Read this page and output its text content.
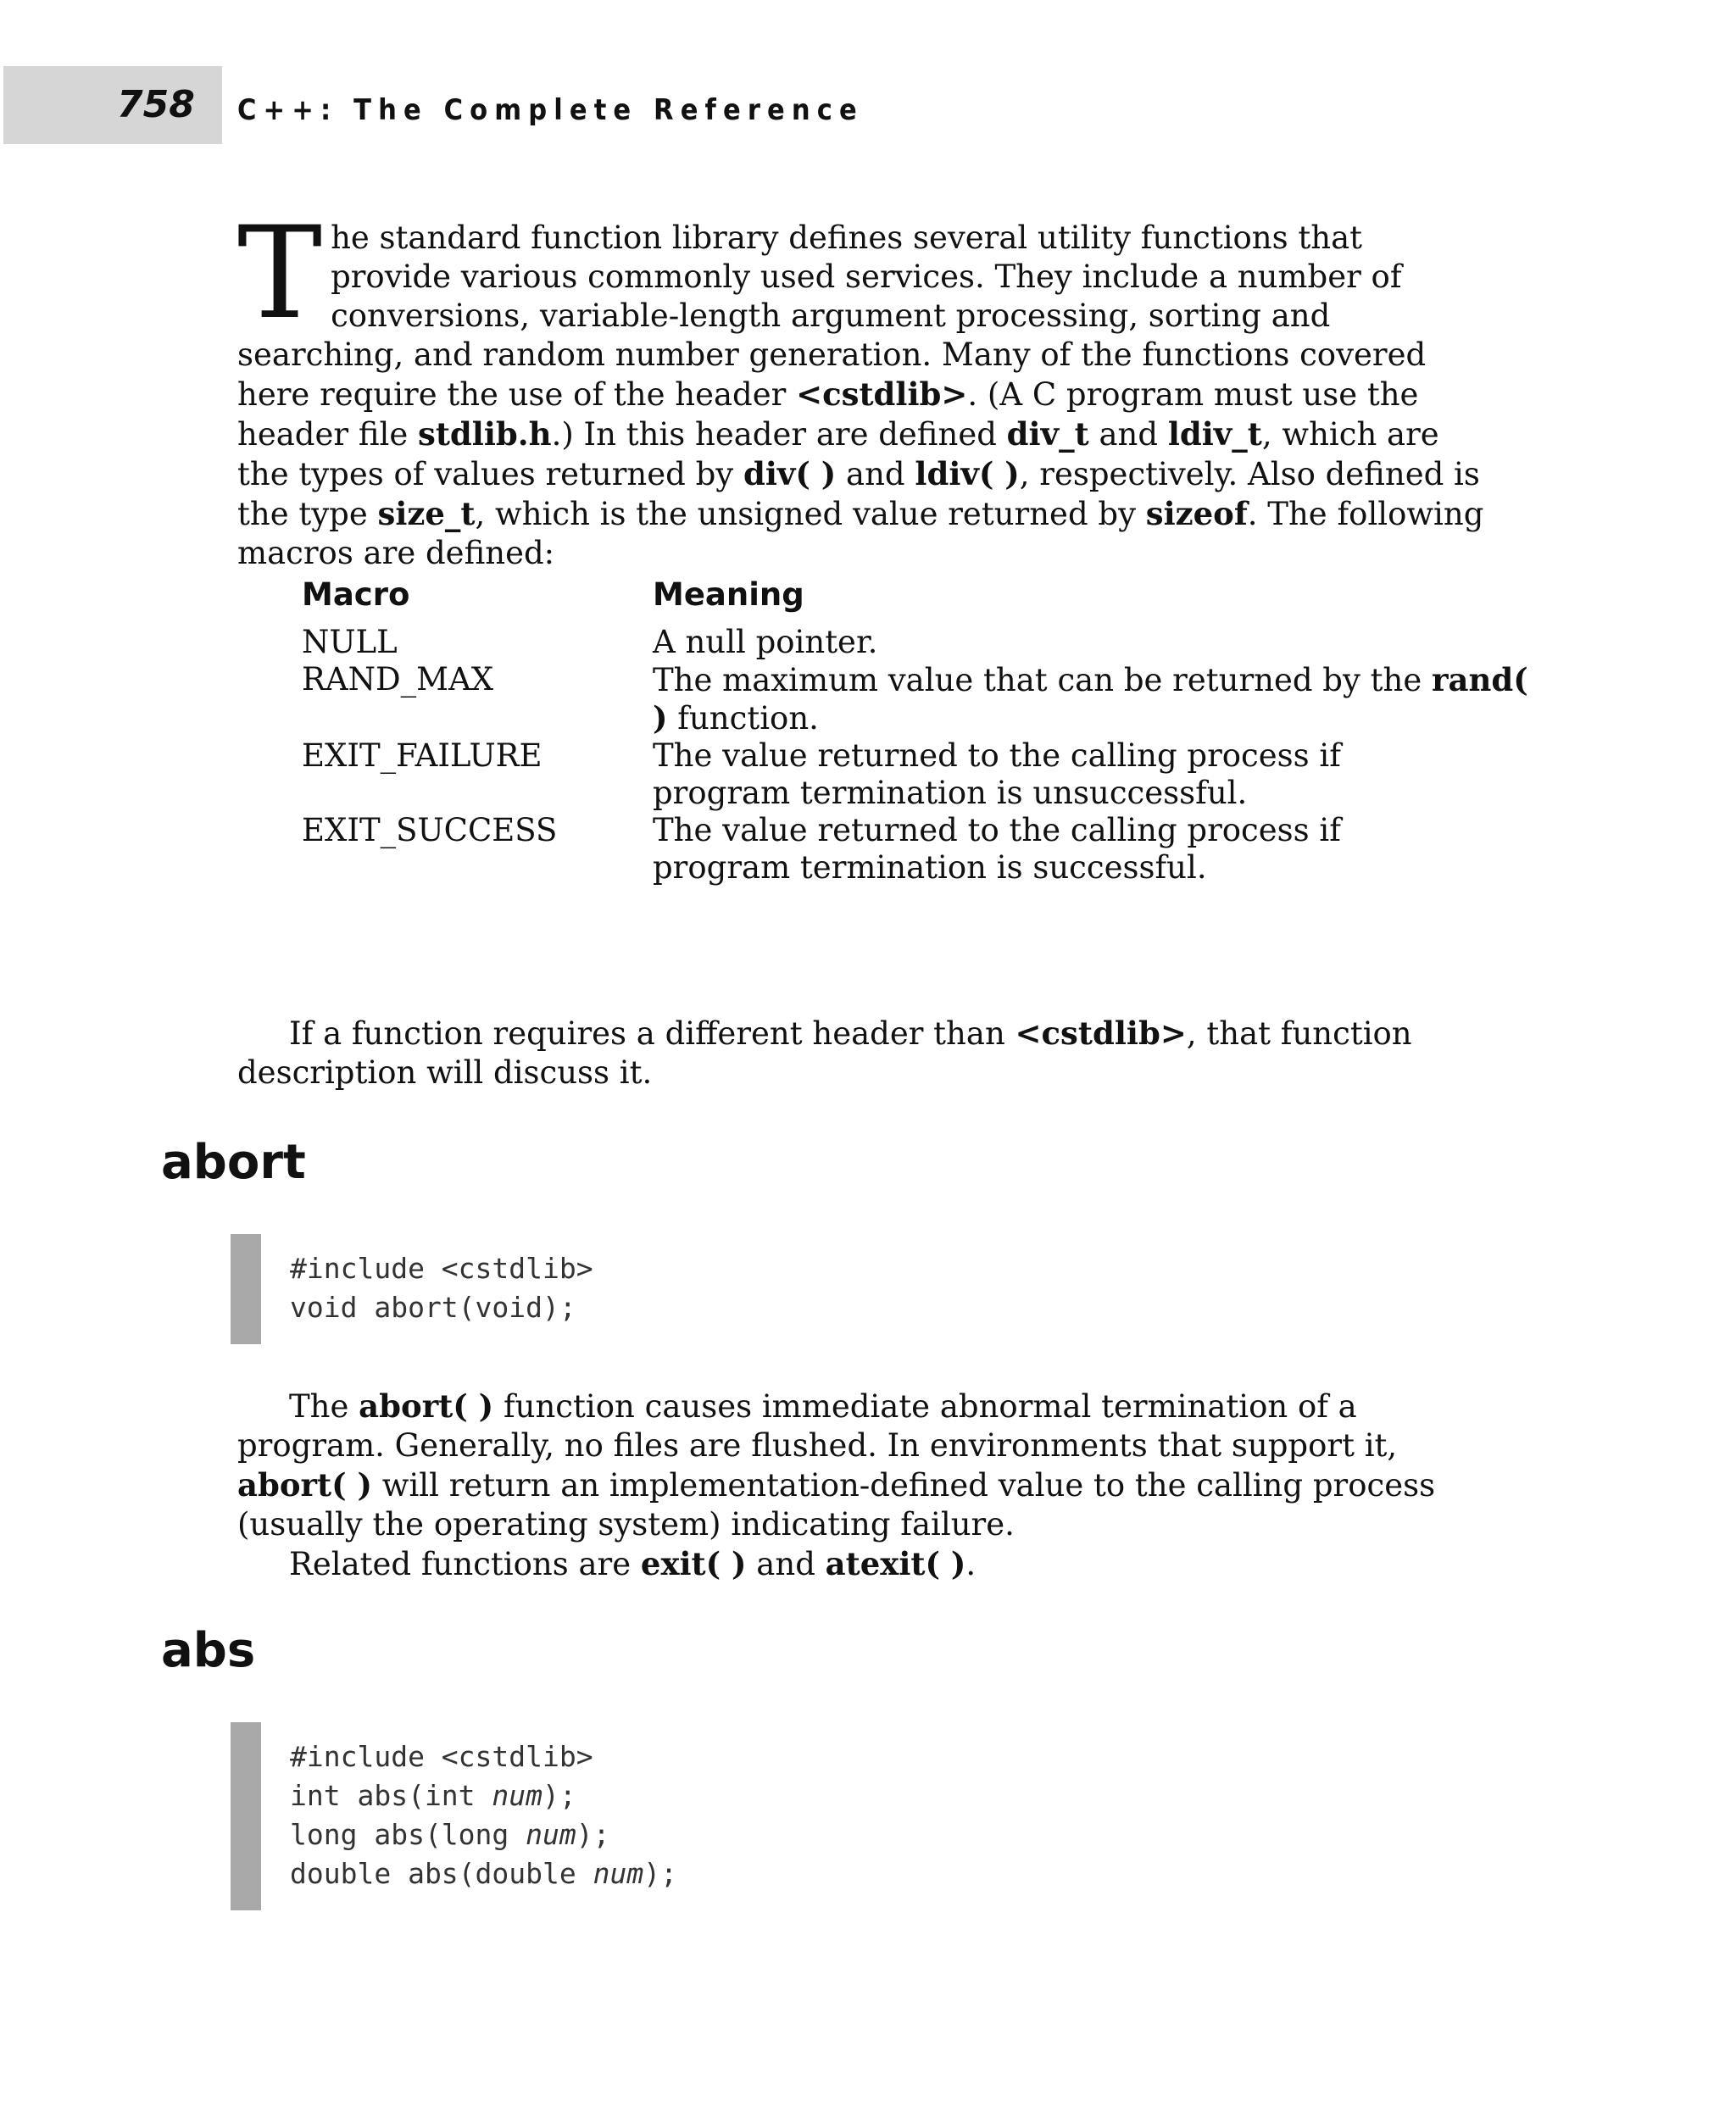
758 C++: The Complete Reference

The standard function library defines several utility functions that provide various commonly used services. They include a number of conversions, variable-length argument processing, sorting and searching, and random number generation. Many of the functions covered here require the use of the header <cstdlib>. (A C program must use the header file stdlib.h.) In this header are defined div_t and ldiv_t, which are the types of values returned by div( ) and ldiv( ), respectively. Also defined is the type size_t, which is the unsigned value returned by sizeof. The following macros are defined:

Macro	Meaning
NULL	A null pointer.
RAND_MAX	The maximum value that can be returned by the rand( ) function.
EXIT_FAILURE	The value returned to the calling process if program termination is unsuccessful.
EXIT_SUCCESS	The value returned to the calling process if program termination is successful.

If a function requires a different header than <cstdlib>, that function description will discuss it.

abort
#include <cstdlib>
void abort(void);

The abort( ) function causes immediate abnormal termination of a program. Generally, no files are flushed. In environments that support it, abort( ) will return an implementation-defined value to the calling process (usually the operating system) indicating failure.

Related functions are exit( ) and atexit( ).

abs
#include <cstdlib>
int abs(int num);
long abs(long num);
double abs(double num);
